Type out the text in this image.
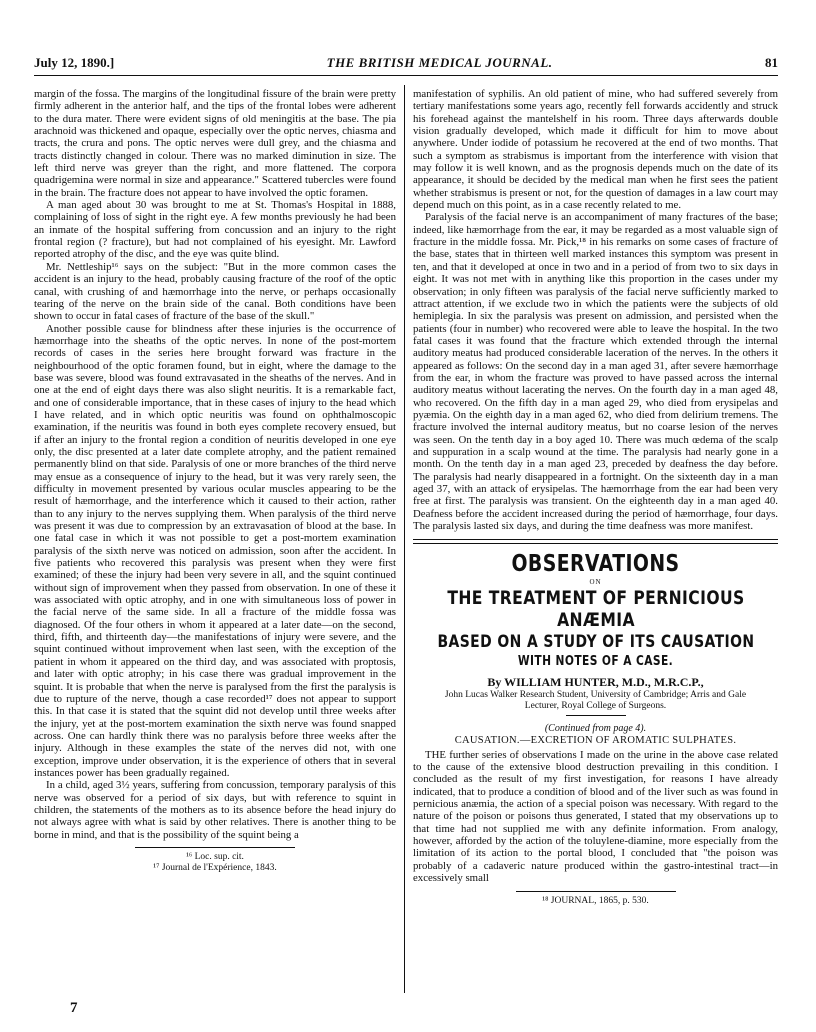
July 12, 1890.]	THE BRITISH MEDICAL JOURNAL.	81

margin of the fossa. The margins of the longitudinal fissure of the brain were pretty firmly adherent in the anterior half, and the tips of the frontal lobes were adherent to the dura mater. There were evident signs of old meningitis at the base. The pia arachnoid was thickened and opaque, especially over the optic nerves, chiasma and tracts, the crura and pons. The optic nerves were dull grey, and the chiasma and tracts distinctly changed in colour. There was no marked diminution in size. The left third nerve was greyer than the right, and more flattened. The corpora quadrigemina were normal in size and appearance." Scattered tubercles were found in the brain. The fracture does not appear to have involved the optic foramen.

A man aged about 30 was brought to me at St. Thomas's Hospital in 1888, complaining of loss of sight in the right eye. A few months previously he had been an inmate of the hospital suffering from concussion and an injury to the right frontal region (? fracture), but had not complained of his eyesight. Mr. Lawford reported atrophy of the disc, and the eye was quite blind.

Mr. Nettleship¹⁶ says on the subject: "But in the more common cases the accident is an injury to the head, probably causing fracture of the roof of the optic canal, with crushing of and hæmorrhage into the nerve, or perhaps occasionally tearing of the nerve on the brain side of the canal. Both conditions have been shown to occur in fatal cases of fracture of the base of the skull."

Another possible cause for blindness after these injuries is the occurrence of hæmorrhage into the sheaths of the optic nerves. In none of the post-mortem records of cases in the series here brought forward was fracture in the neighbourhood of the optic foramen found, but in eight, where the damage to the base was severe, blood was found extravasated in the sheaths of the nerves. And in one at the end of eight days there was also slight neuritis. It is a remarkable fact, and one of considerable importance, that in these cases of injury to the head which I have related, and in which optic neuritis was found on ophthalmoscopic examination, if the neuritis was found in both eyes complete recovery ensued, but if after an injury to the frontal region a condition of neuritis developed in one eye only, the disc presented at a later date complete atrophy, and the patient remained permanently blind on that side. Paralysis of one or more branches of the third nerve may ensue as a consequence of injury to the head, but it was very rarely seen, the difficulty in movement presented by various ocular muscles appearing to be the result of hæmorrhage, and the interference which it caused to their action, rather than to any injury to the nerves supplying them. When paralysis of the third nerve was present it was due to compression by an extravasation of blood at the base. In one fatal case in which it was not possible to get a post-mortem examination paralysis of the sixth nerve was noticed on admission, soon after the accident. In five patients who recovered this paralysis was present when they were first examined; of these the injury had been very severe in all, and the squint continued without sign of improvement when they passed from observation. In one of these it was associated with optic atrophy, and in one with simultaneous loss of power in the facial nerve of the same side. In all a fracture of the middle fossa was diagnosed. Of the four others in whom it appeared at a later date—on the second, third, fifth, and thirteenth day—the manifestations of injury were severe, and the squint continued without improvement when last seen, with the exception of the patient in whom it appeared on the third day, and was associated with proptosis, and later with optic atrophy; in his case there was gradual improvement in the squint. It is probable that when the nerve is paralysed from the first the paralysis is due to rupture of the nerve, though a case recorded¹⁷ does not appear to support this. In that case it is stated that the squint did not develop until three weeks after the injury, yet at the post-mortem examination the sixth nerve was found snapped across. One can hardly think there was no paralysis before three weeks after the injury. Although in these examples the state of the nerves did not, with one exception, improve under observation, it is the experience of others that in several instances power has been gradually regained.

In a child, aged 3½ years, suffering from concussion, temporary paralysis of this nerve was observed for a period of six days, but with reference to squint in children, the statements of the mothers as to its absence before the head injury do not always agree with what is said by other relatives. There is another thing to be borne in mind, and that is the possibility of the squint being a

¹⁶ Loc. sup. cit.

¹⁷ Journal de l'Expérience, 1843.

7

manifestation of syphilis. An old patient of mine, who had suffered severely from tertiary manifestations some years ago, recently fell forwards accidently and struck his forehead against the mantelshelf in his room. Three days afterwards double vision gradually developed, which made it difficult for him to move about anywhere. Under iodide of potassium he recovered at the end of two months. That such a symptom as strabismus is important from the interference with vision that may follow it is well known, and as the prognosis depends much on the date of its appearance, it should be decided by the medical man when he first sees the patient whether strabismus is present or not, for the question of damages in a law court may depend much on this point, as in a case recently related to me.

Paralysis of the facial nerve is an accompaniment of many fractures of the base; indeed, like hæmorrhage from the ear, it may be regarded as a most valuable sign of fracture in the middle fossa. Mr. Pick,¹⁸ in his remarks on some cases of fracture of the base, states that in thirteen well marked instances this symptom was present in ten, and that it developed at once in two and in a period of from two to six days in eight. It was not met with in anything like this proportion in the cases under my observation; in only fifteen was paralysis of the facial nerve sufficiently marked to attract attention, if we exclude two in which the patients were the subjects of old hemiplegia. In six the paralysis was present on admission, and persisted when the patients (four in number) who recovered were able to leave the hospital. In the two fatal cases it was found that the fracture which extended through the internal auditory meatus had produced considerable laceration of the nerves. In the others it appeared as follows: On the second day in a man aged 31, after severe hæmorrhage from the ear, in whom the fracture was proved to have passed across the internal auditory meatus without lacerating the nerves. On the fourth day in a man aged 48, who recovered. On the fifth day in a man aged 29, who died from erysipelas and pyæmia. On the eighth day in a man aged 62, who died from delirium tremens. The fracture involved the internal auditory meatus, but no coarse lesion of the nerves was seen. On the tenth day in a boy aged 10. There was much œdema of the scalp and suppuration in a scalp wound at the time. The paralysis had nearly gone in a month. On the tenth day in a man aged 23, preceded by deafness the day before. The paralysis had nearly disappeared in a fortnight. On the sixteenth day in a man aged 37, with an attack of erysipelas. The hæmorrhage from the ear had been very free at first. The paralysis was transient. On the eighteenth day in a man aged 40. Deafness before the accident increased during the period of hæmorrhage, four days. The paralysis lasted six days, and during the time deafness was more manifest.

OBSERVATIONS
ON
THE TREATMENT OF PERNICIOUS ANÆMIA
BASED ON A STUDY OF ITS CAUSATION
WITH NOTES OF A CASE.

By WILLIAM HUNTER, M.D., M.R.C.P.,

John Lucas Walker Research Student, University of Cambridge; Arris and Gale Lecturer, Royal College of Surgeons.

(Continued from page 4).

CAUSATION.—EXCRETION OF AROMATIC SULPHATES.

THE further series of observations I made on the urine in the above case related to the cause of the extensive blood destruction prevailing in this condition. I concluded as the result of my first investigation, for reasons I have already indicated, that to produce a condition of blood and of the liver such as was found in pernicious anæmia, the action of a special poison was necessary. With regard to the nature of the poison or poisons thus generated, I stated that my observations up to that time had not supplied me with any definite information. From analogy, however, afforded by the action of the toluylene-diamine, more especially from the limitation of its action to the portal blood, I concluded that "the poison was probably of a cadaveric nature produced within the gastro-intestinal tract—in excessively small

¹⁸ JOURNAL, 1865, p. 530.
